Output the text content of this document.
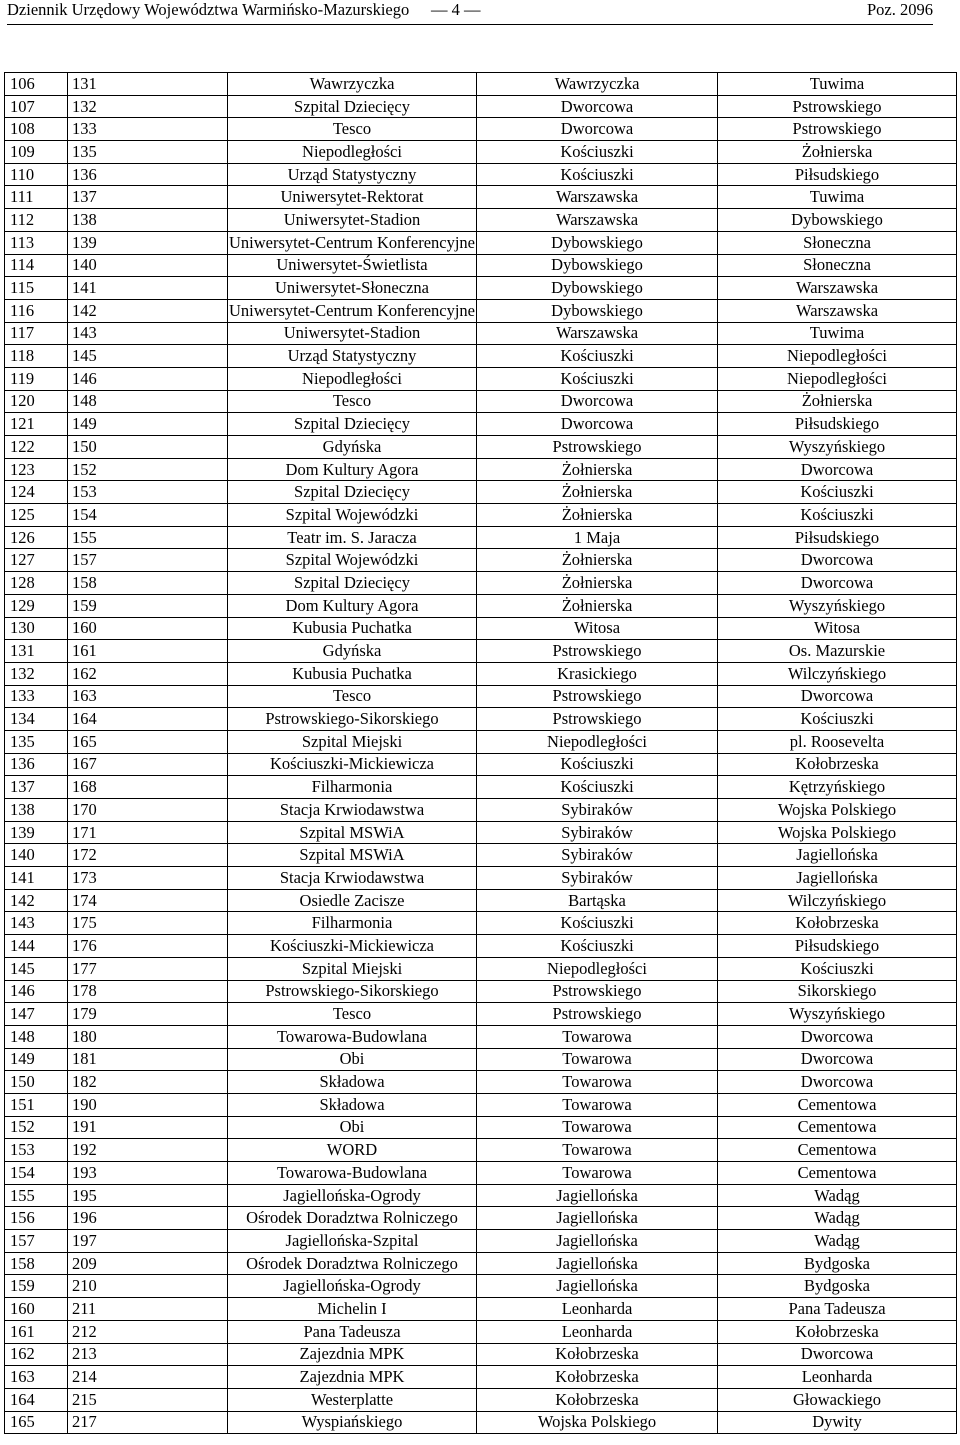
Dziennik Urzędowy Województwa Warmińsko-Mazurskiego — 4 —	Poz. 2096
106	131	Wawrzyczka	Wawrzyczka	Tuwima
107	132	Szpital Dziecięcy	Dworcowa	Pstrowskiego
108	133	Tesco	Dworcowa	Pstrowskiego
109	135	Niepodległości	Kościuszki	Żołnierska
110	136	Urząd Statystyczny	Kościuszki	Piłsudskiego
111	137	Uniwersytet-Rektorat	Warszawska	Tuwima
112	138	Uniwersytet-Stadion	Warszawska	Dybowskiego
113	139	Uniwersytet-Centrum Konferencyjne	Dybowskiego	Słoneczna
114	140	Uniwersytet-Świetlista	Dybowskiego	Słoneczna
115	141	Uniwersytet-Słoneczna	Dybowskiego	Warszawska
116	142	Uniwersytet-Centrum Konferencyjne	Dybowskiego	Warszawska
117	143	Uniwersytet-Stadion	Warszawska	Tuwima
118	145	Urząd Statystyczny	Kościuszki	Niepodległości
119	146	Niepodległości	Kościuszki	Niepodległości
120	148	Tesco	Dworcowa	Żołnierska
121	149	Szpital Dziecięcy	Dworcowa	Piłsudskiego
122	150	Gdyńska	Pstrowskiego	Wyszyńskiego
123	152	Dom Kultury Agora	Żołnierska	Dworcowa
124	153	Szpital Dziecięcy	Żołnierska	Kościuszki
125	154	Szpital Wojewódzki	Żołnierska	Kościuszki
126	155	Teatr im. S. Jaracza	1 Maja	Piłsudskiego
127	157	Szpital Wojewódzki	Żołnierska	Dworcowa
128	158	Szpital Dziecięcy	Żołnierska	Dworcowa
129	159	Dom Kultury Agora	Żołnierska	Wyszyńskiego
130	160	Kubusia Puchatka	Witosa	Witosa
131	161	Gdyńska	Pstrowskiego	Os. Mazurskie
132	162	Kubusia Puchatka	Krasickiego	Wilczyńskiego
133	163	Tesco	Pstrowskiego	Dworcowa
134	164	Pstrowskiego-Sikorskiego	Pstrowskiego	Kościuszki
135	165	Szpital Miejski	Niepodległości	pl. Roosevelta
136	167	Kościuszki-Mickiewicza	Kościuszki	Kołobrzeska
137	168	Filharmonia	Kościuszki	Kętrzyńskiego
138	170	Stacja Krwiodawstwa	Sybiraków	Wojska Polskiego
139	171	Szpital MSWiA	Sybiraków	Wojska Polskiego
140	172	Szpital MSWiA	Sybiraków	Jagiellońska
141	173	Stacja Krwiodawstwa	Sybiraków	Jagiellońska
142	174	Osiedle Zacisze	Bartąska	Wilczyńskiego
143	175	Filharmonia	Kościuszki	Kołobrzeska
144	176	Kościuszki-Mickiewicza	Kościuszki	Piłsudskiego
145	177	Szpital Miejski	Niepodległości	Kościuszki
146	178	Pstrowskiego-Sikorskiego	Pstrowskiego	Sikorskiego
147	179	Tesco	Pstrowskiego	Wyszyńskiego
148	180	Towarowa-Budowlana	Towarowa	Dworcowa
149	181	Obi	Towarowa	Dworcowa
150	182	Składowa	Towarowa	Dworcowa
151	190	Składowa	Towarowa	Cementowa
152	191	Obi	Towarowa	Cementowa
153	192	WORD	Towarowa	Cementowa
154	193	Towarowa-Budowlana	Towarowa	Cementowa
155	195	Jagiellońska-Ogrody	Jagiellońska	Wadąg
156	196	Ośrodek Doradztwa Rolniczego	Jagiellońska	Wadąg
157	197	Jagiellońska-Szpital	Jagiellońska	Wadąg
158	209	Ośrodek Doradztwa Rolniczego	Jagiellońska	Bydgoska
159	210	Jagiellońska-Ogrody	Jagiellońska	Bydgoska
160	211	Michelin I	Leonharda	Pana Tadeusza
161	212	Pana Tadeusza	Leonharda	Kołobrzeska
162	213	Zajezdnia MPK	Kołobrzeska	Dworcowa
163	214	Zajezdnia MPK	Kołobrzeska	Leonharda
164	215	Westerplatte	Kołobrzeska	Głowackiego
165	217	Wyspiańskiego	Wojska Polskiego	Dywity
